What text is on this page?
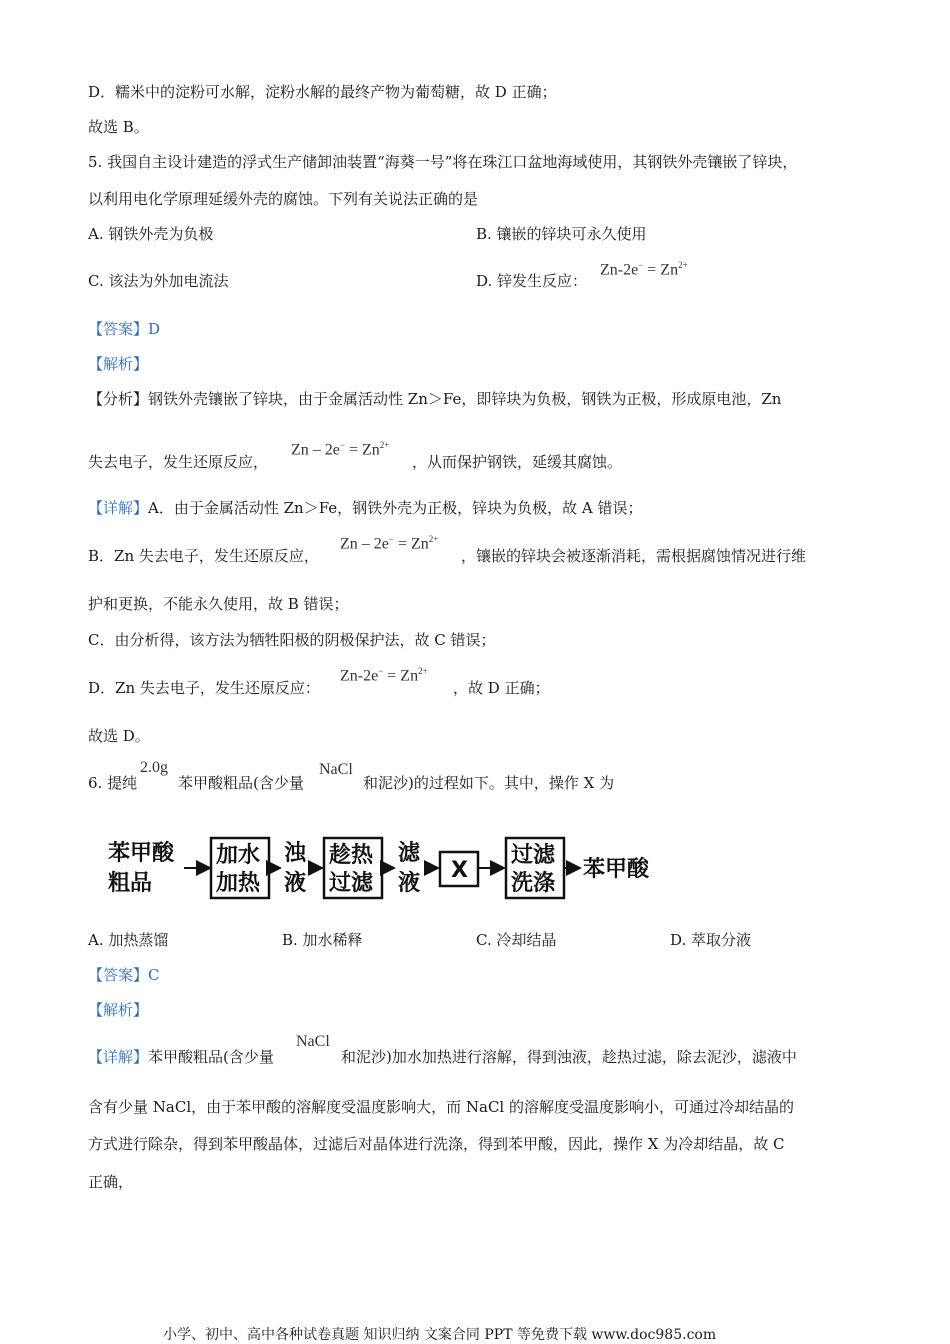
D．糯米中的淀粉可水解，淀粉水解的最终产物为葡萄糖，故 D 正确；
故选 B。
5. 我国自主设计建造的浮式生产储卸油装置“海葵一号”将在珠江口盆地海域使用，其钢铁外壳镶嵌了锌块，
以利用电化学原理延缓外壳的腐蚀。下列有关说法正确的是
A. 钢铁外壳为负极	B. 镶嵌的锌块可永久使用
C. 该法为外加电流法	D. 锌发生反应：
$Zn-2e^- = Zn^{2+}$
【答案】D
【解析】
【分析】钢铁外壳镶嵌了锌块，由于金属活动性 Zn＞Fe，即锌块为负极，钢铁为正极，形成原电池，Zn
失去电子，发生还原反应，
$Zn - 2e^- = Zn^{2+}$
，从而保护钢铁，延缓其腐蚀。
【详解】A．由于金属活动性 Zn＞Fe，钢铁外壳为正极，锌块为负极，故 A 错误；
B．Zn 失去电子，发生还原反应，
$Zn - 2e^- = Zn^{2+}$
，镶嵌的锌块会被逐渐消耗，需根据腐蚀情况进行维
护和更换，不能永久使用，故 B 错误；
C．由分析得，该方法为牺牲阳极的阴极保护法，故 C 错误；
D．Zn 失去电子，发生还原反应：
$Zn-2e^- = Zn^{2+}$
，故 D 正确；
故选 D。
6. 提纯
2.0g
苯甲酸粗品(含少量
NaCl
和泥沙)的过程如下。其中，操作 X 为
苯甲酸
粗品
加水
加热
浊
液
趁热
过滤
滤
液
X
过滤
洗涤
苯甲酸
A. 加热蒸馏	B. 加水稀释	C. 冷却结晶	D. 萃取分液
【答案】C
【解析】
【详解】苯甲酸粗品(含少量
NaCl
和泥沙)加水加热进行溶解，得到浊液，趁热过滤，除去泥沙，滤液中
含有少量 NaCl，由于苯甲酸的溶解度受温度影响大，而 NaCl 的溶解度受温度影响小，可通过冷却结晶的
方式进行除杂，得到苯甲酸晶体，过滤后对晶体进行洗涤，得到苯甲酸，因此，操作 X 为冷却结晶，故 C
正确，
小学、初中、高中各种试卷真题 知识归纳 文案合同 PPT 等免费下载 www.doc985.com
